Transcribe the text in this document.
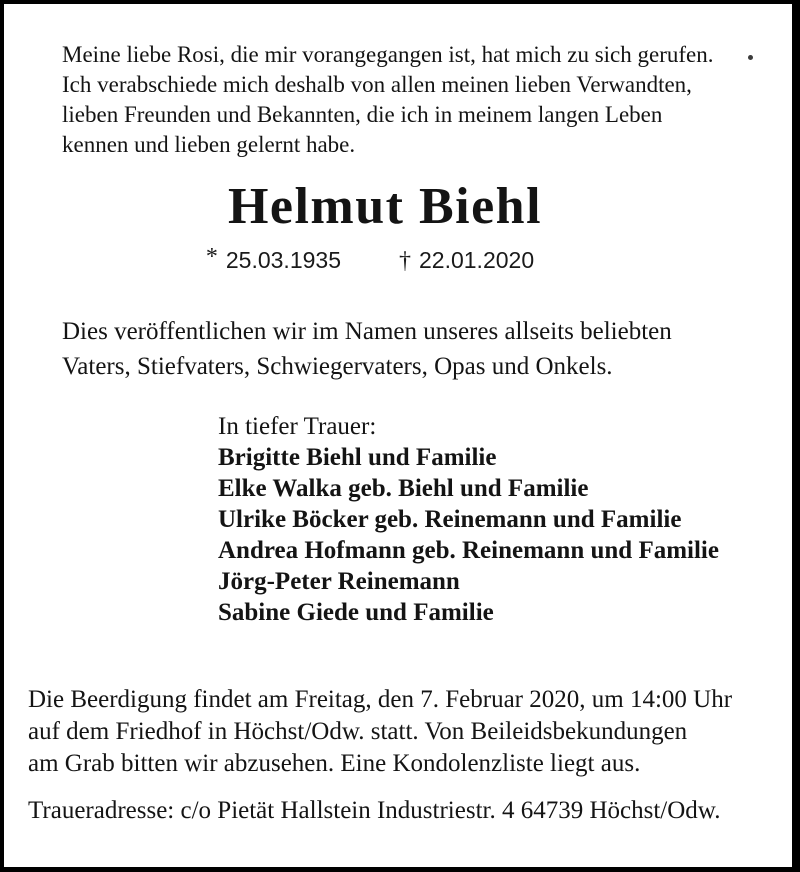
Meine liebe Rosi, die mir vorangegangen ist, hat mich zu sich gerufen.
Ich verabschiede mich deshalb von allen meinen lieben Verwandten,
lieben Freunden und Bekannten, die ich in meinem langen Leben
kennen und lieben gelernt habe.
Helmut Biehl
* 25.03.1935 † 22.01.2020
Dies veröffentlichen wir im Namen unseres allseits beliebten
Vaters, Stiefvaters, Schwiegervaters, Opas und Onkels.
In tiefer Trauer:
Brigitte Biehl und Familie
Elke Walka geb. Biehl und Familie
Ulrike Böcker geb. Reinemann und Familie
Andrea Hofmann geb. Reinemann und Familie
Jörg-Peter Reinemann
Sabine Giede und Familie
Die Beerdigung findet am Freitag, den 7. Februar 2020, um 14:00 Uhr
auf dem Friedhof in Höchst/Odw. statt. Von Beileidsbekundungen
am Grab bitten wir abzusehen. Eine Kondolenzliste liegt aus.
Traueradresse: c/o Pietät Hallstein Industriestr. 4 64739 Höchst/Odw.
